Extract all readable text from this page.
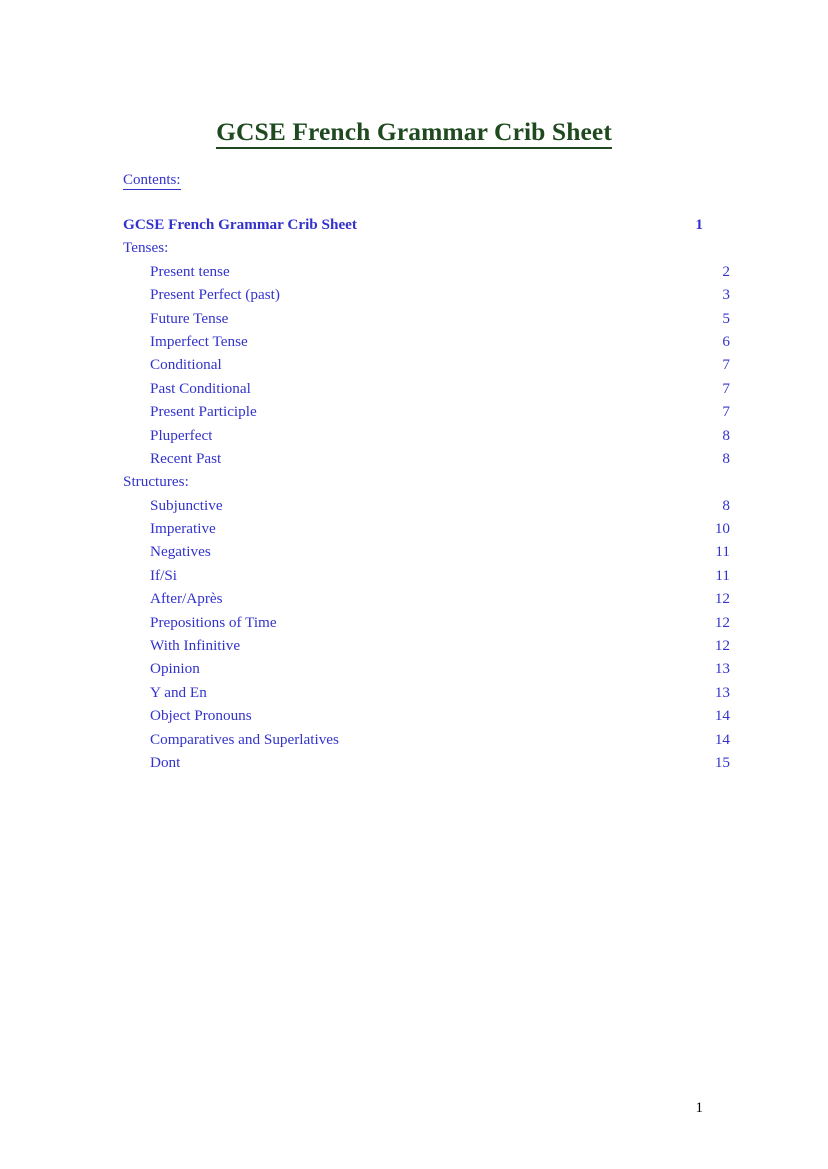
GCSE French Grammar Crib Sheet
Contents:
GCSE French Grammar Crib Sheet	1
Tenses:
Present tense	2
Present Perfect (past)	3
Future Tense	5
Imperfect Tense	6
Conditional	7
Past Conditional	7
Present Participle	7
Pluperfect	8
Recent Past	8
Structures:
Subjunctive	8
Imperative	10
Negatives	11
If/Si	11
After/Après	12
Prepositions of Time	12
With Infinitive	12
Opinion	13
Y and En	13
Object Pronouns	14
Comparatives and Superlatives	14
Dont	15
1
